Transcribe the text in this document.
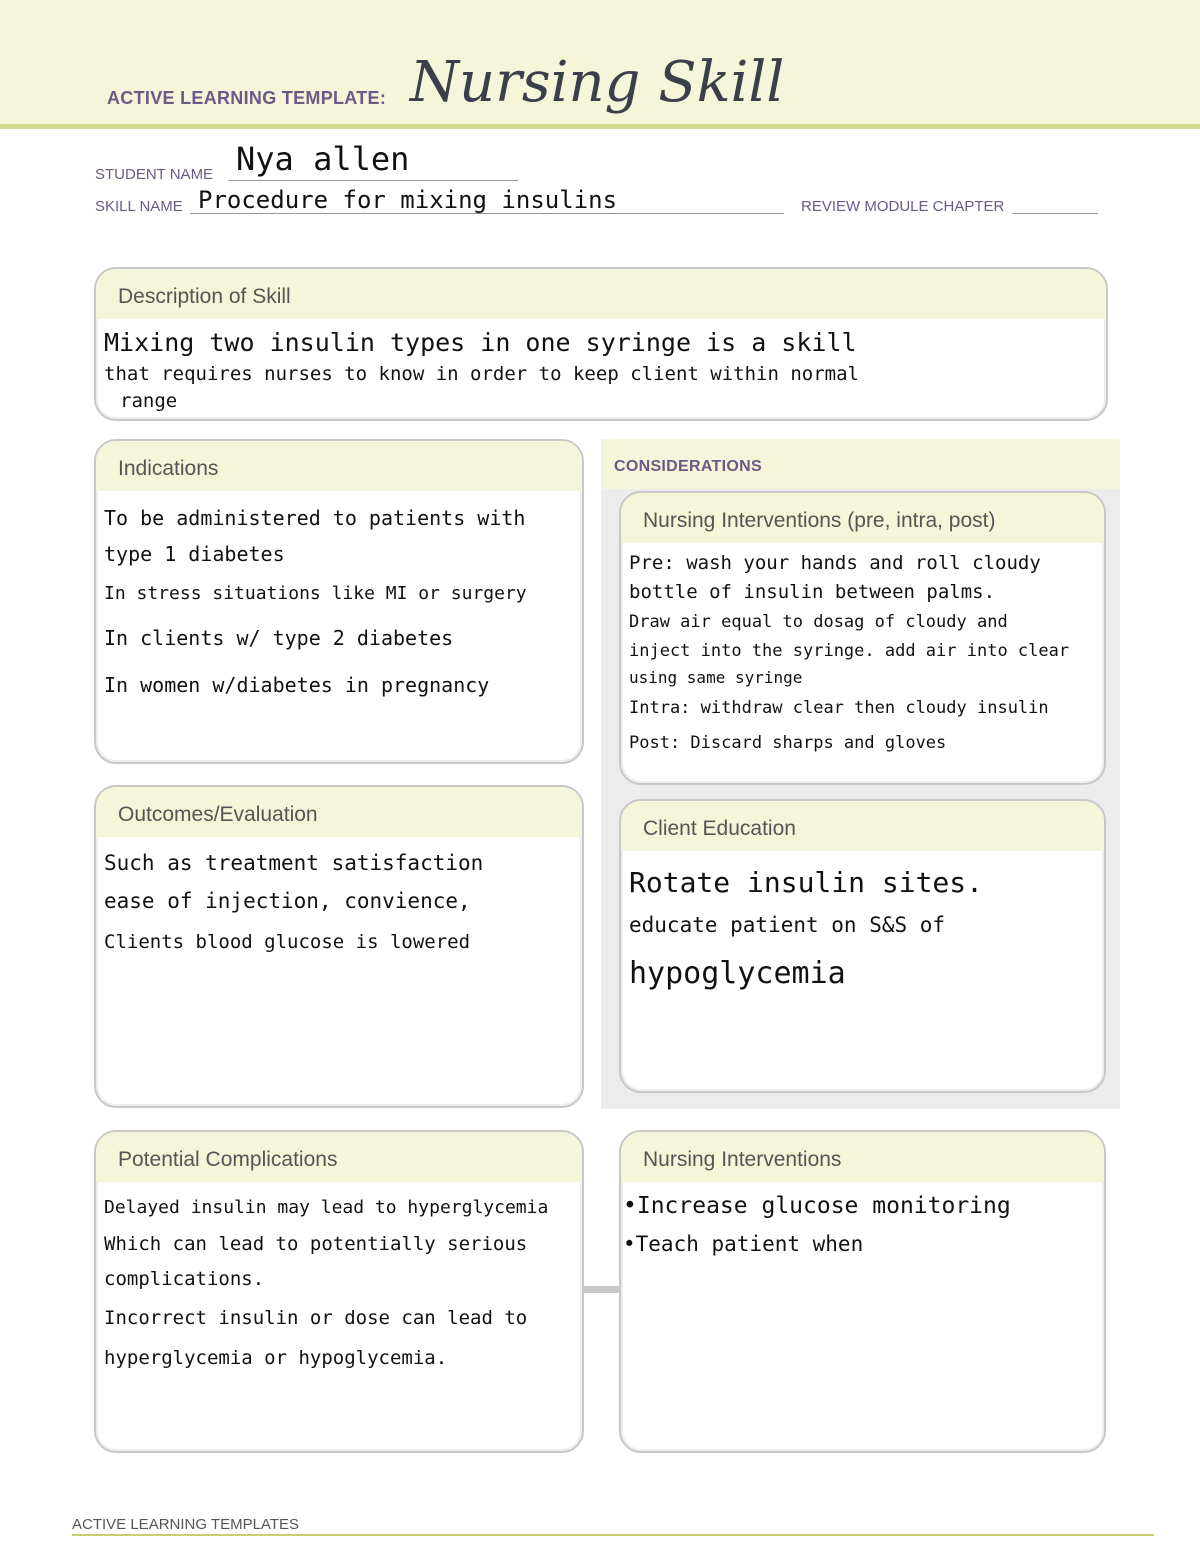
ACTIVE LEARNING TEMPLATE: Nursing Skill
STUDENT NAME Nya allen
SKILL NAME Procedure for mixing insulins	REVIEW MODULE CHAPTER
Description of Skill
Mixing two insulin types in one syringe is a skill
that requires nurses to know in order to keep client within normal
range
Indications
To be administered to patients with
type 1 diabetes
In stress situations like MI or surgery
In clients w/ type 2 diabetes
In women w/diabetes in pregnancy
CONSIDERATIONS
Nursing Interventions (pre, intra, post)
Pre: wash your hands and roll cloudy
bottle of insulin between palms.
Draw air equal to dosag of cloudy and
inject into the syringe. add air into clear
using same syringe
Intra: withdraw clear then cloudy insulin
Post: Discard sharps and gloves
Outcomes/Evaluation
Such as treatment satisfaction
ease of injection, convience,
Clients blood glucose is lowered
Client Education
Rotate insulin sites.
educate patient on S&S of
hypoglycemia
Potential Complications
Delayed insulin may lead to hyperglycemia
Which can lead to potentially serious
complications.
Incorrect insulin or dose can lead to
hyperglycemia or hypoglycemia.
Nursing Interventions
•Increase glucose monitoring
•Teach patient when
ACTIVE LEARNING TEMPLATES
